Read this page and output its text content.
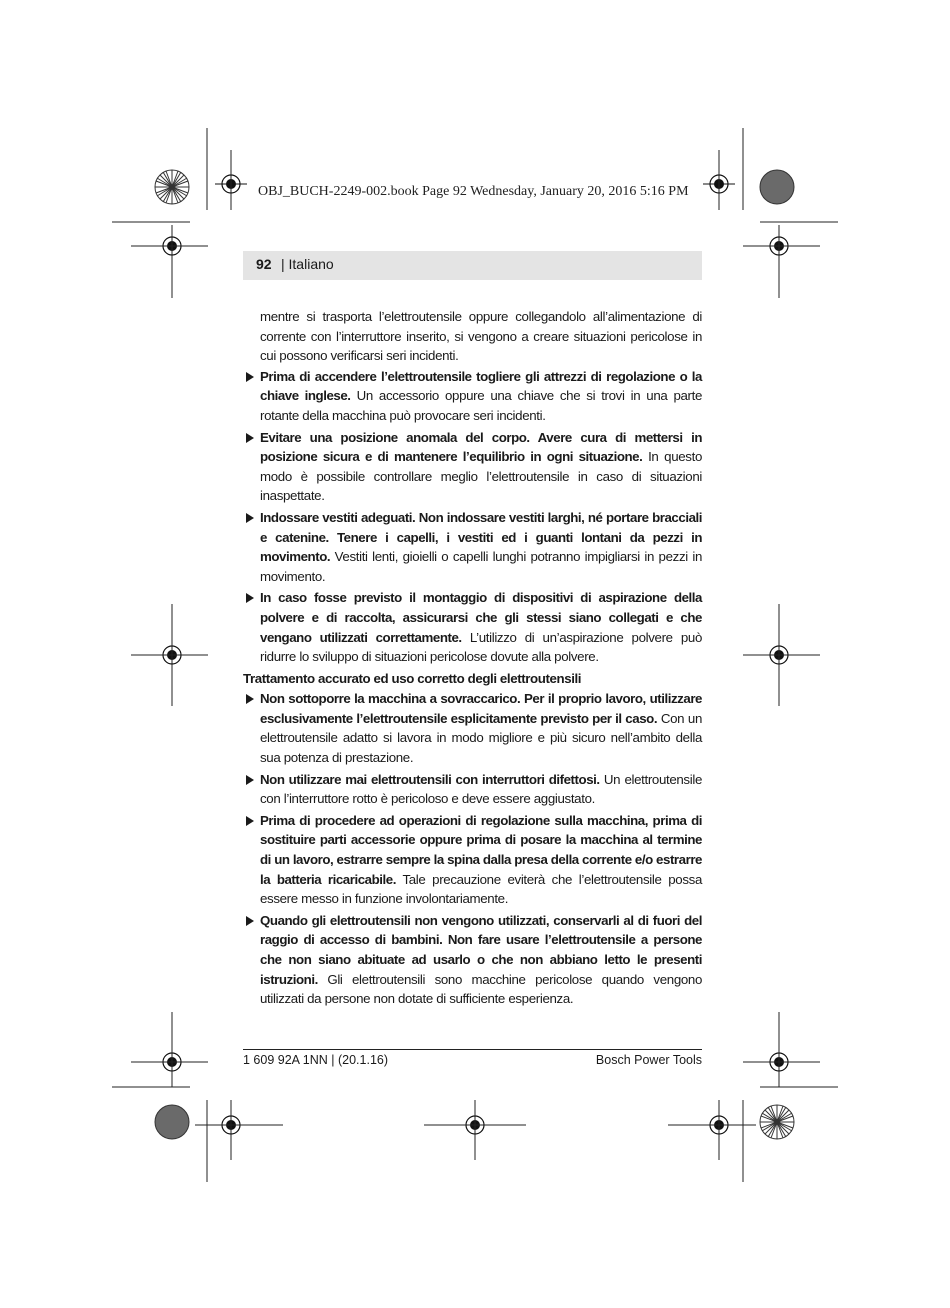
OBJ_BUCH-2249-002.book Page 92 Wednesday, January 20, 2016 5:16 PM
92 | Italiano

mentre si trasporta l’elettroutensile oppure collegandolo all’alimentazione di corrente con l’interruttore inserito, si vengono a creare situazioni pericolose in cui possono verificarsi seri incidenti.

Prima di accendere l’elettroutensile togliere gli attrezzi di regolazione o la chiave inglese. Un accessorio oppure una chiave che si trovi in una parte rotante della macchina può provocare seri incidenti.

Evitare una posizione anomala del corpo. Avere cura di mettersi in posizione sicura e di mantenere l’equilibrio in ogni situazione. In questo modo è possibile controllare meglio l’elettroutensile in caso di situazioni inaspettate.

Indossare vestiti adeguati. Non indossare vestiti larghi, né portare bracciali e catenine. Tenere i capelli, i vestiti ed i guanti lontani da pezzi in movimento. Vestiti lenti, gioielli o capelli lunghi potranno impigliarsi in pezzi in movimento.

In caso fosse previsto il montaggio di dispositivi di aspirazione della polvere e di raccolta, assicurarsi che gli stessi siano collegati e che vengano utilizzati correttamente. L’utilizzo di un’aspirazione polvere può ridurre lo sviluppo di situazioni pericolose dovute alla polvere.

Trattamento accurato ed uso corretto degli elettroutensili

Non sottoporre la macchina a sovraccarico. Per il proprio lavoro, utilizzare esclusivamente l’elettroutensile esplicitamente previsto per il caso. Con un elettroutensile adatto si lavora in modo migliore e più sicuro nell’ambito della sua potenza di prestazione.

Non utilizzare mai elettroutensili con interruttori difettosi. Un elettroutensile con l’interruttore rotto è pericoloso e deve essere aggiustato.

Prima di procedere ad operazioni di regolazione sulla macchina, prima di sostituire parti accessorie oppure prima di posare la macchina al termine di un lavoro, estrarre sempre la spina dalla presa della corrente e/o estrarre la batteria ricaricabile. Tale precauzione eviterà che l’elettroutensile possa essere messo in funzione involontariamente.

Quando gli elettroutensili non vengono utilizzati, conservarli al di fuori del raggio di accesso di bambini. Non fare usare l’elettroutensile a persone che non siano abituate ad usarlo o che non abbiano letto le presenti istruzioni. Gli elettroutensili sono macchine pericolose quando vengono utilizzati da persone non dotate di sufficiente esperienza.

1 609 92A 1NN | (20.1.16)	Bosch Power Tools
